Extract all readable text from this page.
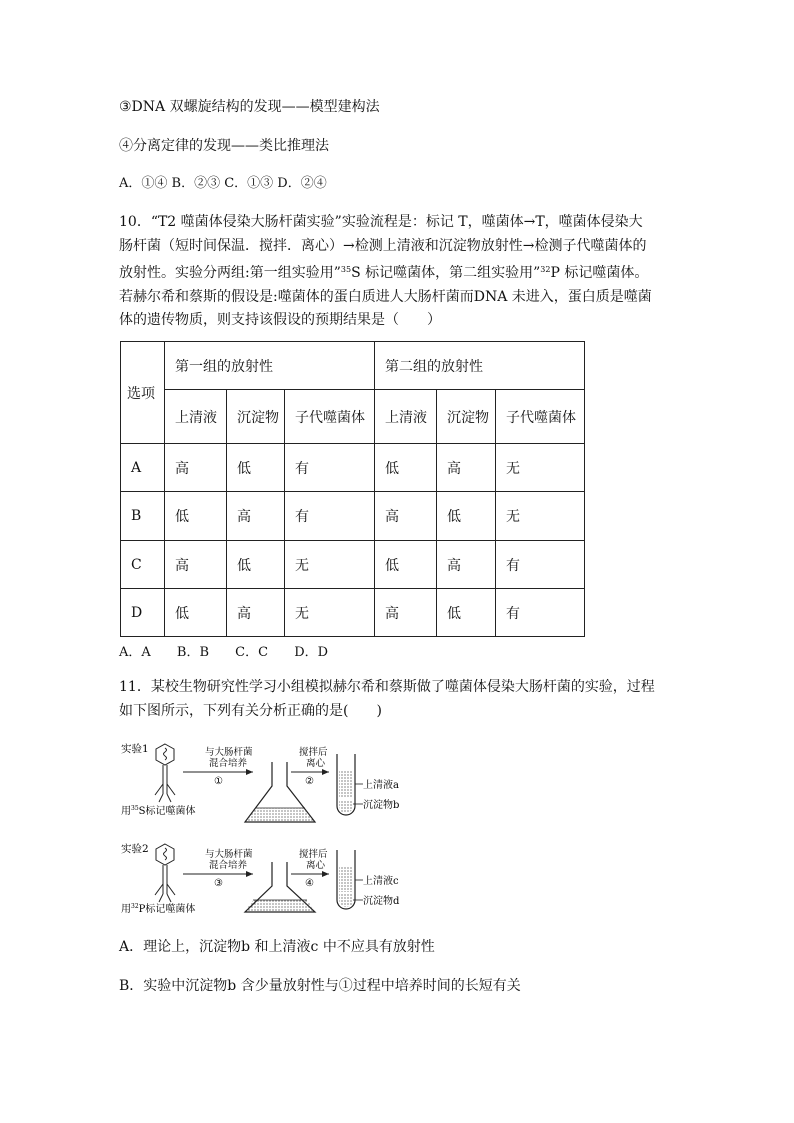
③DNA 双螺旋结构的发现——模型建构法
④分离定律的发现——类比推理法
A．①④ B．②③ C．①③ D．②④
10．“T2 噬菌体侵染大肠杆菌实验”实验流程是：标记 T，噬菌体→T，噬菌体侵染大
肠杆菌（短时间保温．搅拌．离心）→检测上清液和沉淀物放射性→检测子代噬菌体的
放射性。实验分两组:第一组实验用”$^{35}$S 标记噬菌体，第二组实验用”$^{32}$P 标记噬菌体。
若赫尔希和蔡斯的假设是:噬菌体的蛋白质进人大肠杆菌而DNA 未进入，蛋白质是噬菌
体的遗传物质，则支持该假设的预期结果是（　　）
选项	第一组的放射性			第二组的放射性		
	上清液	沉淀物	子代噬菌体	上清液	沉淀物	子代噬菌体
A	高	低	有	低	高	无
B	低	高	有	高	低	无
C	高	低	无	低	高	有
D	低	高	无	高	低	有
A．A B．B C．C D．D
11．某校生物研究性学习小组模拟赫尔希和蔡斯做了噬菌体侵染大肠杆菌的实验，过程
如下图所示，下列有关分析正确的是(　　)
实验1
用$^{35}$S标记噬菌体
与大肠杆菌
混合培养
①
搅拌后
离心
②	上清液a
沉淀物b
实验2
用$^{32}$P标记噬菌体
与大肠杆菌
混合培养
③
搅拌后
离心
④	上清液c
沉淀物d
A．理论上，沉淀物b 和上清液c 中不应具有放射性
B．实验中沉淀物b 含少量放射性与①过程中培养时间的长短有关
